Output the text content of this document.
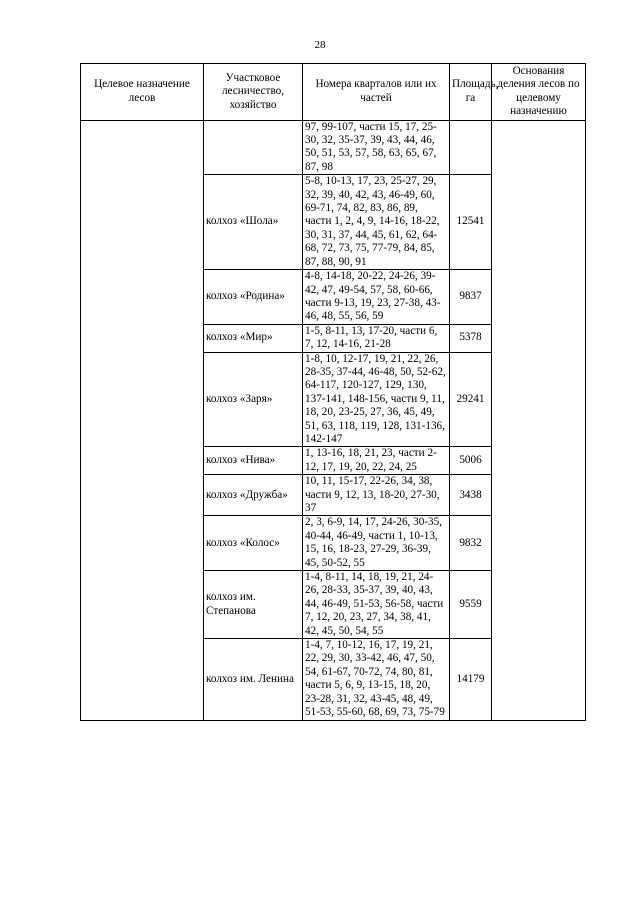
28
Целевое назначение лесов	Участковое лесничество, хозяйство	Номера кварталов или их частей	Площадь, га	Основания деления лесов по целевому назначению
		97, 99-107, части 15, 17, 25-30, 32, 35-37, 39, 43, 44, 46, 50, 51, 53, 57, 58, 63, 65, 67, 87, 98		
	колхоз «Шола»	5-8, 10-13, 17, 23, 25-27, 29, 32, 39, 40, 42, 43, 46-49, 60, 69-71, 74, 82, 83, 86, 89, части 1, 2, 4, 9, 14-16, 18-22, 30, 31, 37, 44, 45, 61, 62, 64-68, 72, 73, 75, 77-79, 84, 85, 87, 88, 90, 91	12541	
	колхоз «Родина»	4-8, 14-18, 20-22, 24-26, 39-42, 47, 49-54, 57, 58, 60-66, части 9-13, 19, 23, 27-38, 43-46, 48, 55, 56, 59	9837	
	колхоз «Мир»	1-5, 8-11, 13, 17-20, части 6, 7, 12, 14-16, 21-28	5378	
	колхоз «Заря»	1-8, 10, 12-17, 19, 21, 22, 26, 28-35, 37-44, 46-48, 50, 52-62, 64-117, 120-127, 129, 130, 137-141, 148-156, части 9, 11, 18, 20, 23-25, 27, 36, 45, 49, 51, 63, 118, 119, 128, 131-136, 142-147	29241	
	колхоз «Нива»	1, 13-16, 18, 21, 23, части 2-12, 17, 19, 20, 22, 24, 25	5006	
	колхоз «Дружба»	10, 11, 15-17, 22-26, 34, 38, части 9, 12, 13, 18-20, 27-30, 37	3438	
	колхоз «Колос»	2, 3, 6-9, 14, 17, 24-26, 30-35, 40-44, 46-49, части 1, 10-13, 15, 16, 18-23, 27-29, 36-39, 45, 50-52, 55	9832	
	колхоз им. Степанова	1-4, 8-11, 14, 18, 19, 21, 24-26, 28-33, 35-37, 39, 40, 43, 44, 46-49, 51-53, 56-58, части 7, 12, 20, 23, 27, 34, 38, 41, 42, 45, 50, 54, 55	9559	
	колхоз им. Ленина	1-4, 7, 10-12, 16, 17, 19, 21, 22, 29, 30, 33-42, 46, 47, 50, 54, 61-67, 70-72, 74, 80, 81, части 5, 6, 9, 13-15, 18, 20, 23-28, 31, 32, 43-45, 48, 49, 51-53, 55-60, 68, 69, 73, 75-79	14179	
